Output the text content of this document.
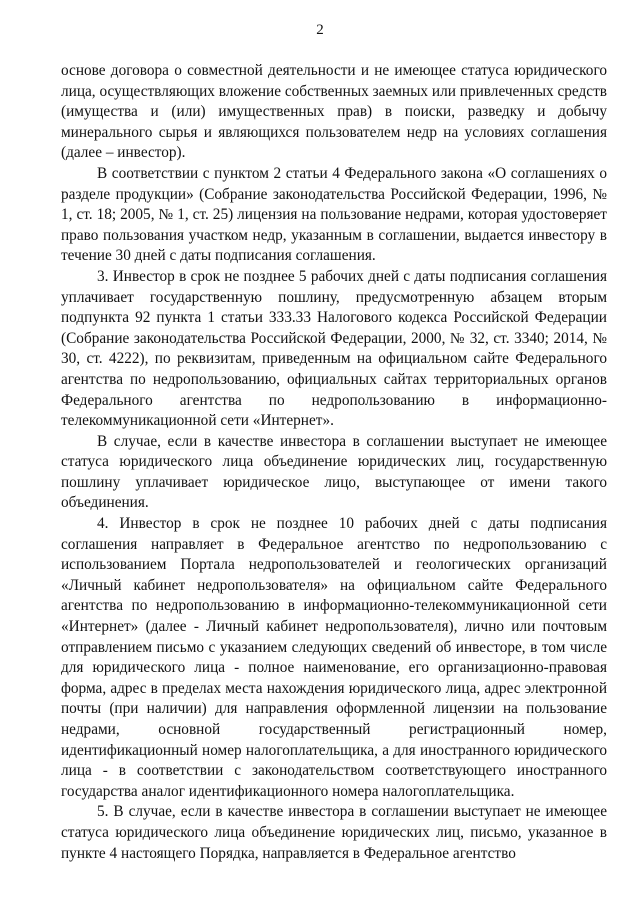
2

основе договора о совместной деятельности и не имеющее статуса юридического лица, осуществляющих вложение собственных заемных или привлеченных средств (имущества и (или) имущественных прав) в поиски, разведку и добычу минерального сырья и являющихся пользователем недр на условиях соглашения (далее – инвестор).

В соответствии с пунктом 2 статьи 4 Федерального закона «О соглашениях о разделе продукции» (Собрание законодательства Российской Федерации, 1996, № 1, ст. 18; 2005, № 1, ст. 25) лицензия на пользование недрами, которая удостоверяет право пользования участком недр, указанным в соглашении, выдается инвестору в течение 30 дней с даты подписания соглашения.

3. Инвестор в срок не позднее 5 рабочих дней с даты подписания соглашения уплачивает государственную пошлину, предусмотренную абзацем вторым подпункта 92 пункта 1 статьи 333.33 Налогового кодекса Российской Федерации (Собрание законодательства Российской Федерации, 2000, № 32, ст. 3340; 2014, № 30, ст. 4222), по реквизитам, приведенным на официальном сайте Федерального агентства по недропользованию, официальных сайтах территориальных органов Федерального агентства по недропользованию в информационно-телекоммуникационной сети «Интернет».

В случае, если в качестве инвестора в соглашении выступает не имеющее статуса юридического лица объединение юридических лиц, государственную пошлину уплачивает юридическое лицо, выступающее от имени такого объединения.

4. Инвестор в срок не позднее 10 рабочих дней с даты подписания соглашения направляет в Федеральное агентство по недропользованию с использованием Портала недропользователей и геологических организаций «Личный кабинет недропользователя» на официальном сайте Федерального агентства по недропользованию в информационно-телекоммуникационной сети «Интернет» (далее - Личный кабинет недропользователя), лично или почтовым отправлением письмо с указанием следующих сведений об инвесторе, в том числе для юридического лица - полное наименование, его организационно-правовая форма, адрес в пределах места нахождения юридического лица, адрес электронной почты (при наличии) для направления оформленной лицензии на пользование недрами, основной государственный регистрационный номер, идентификационный номер налогоплательщика, а для иностранного юридического лица - в соответствии с законодательством соответствующего иностранного государства аналог идентификационного номера налогоплательщика.

5. В случае, если в качестве инвестора в соглашении выступает не имеющее статуса юридического лица объединение юридических лиц, письмо, указанное в пункте 4 настоящего Порядка, направляется в Федеральное агентство
